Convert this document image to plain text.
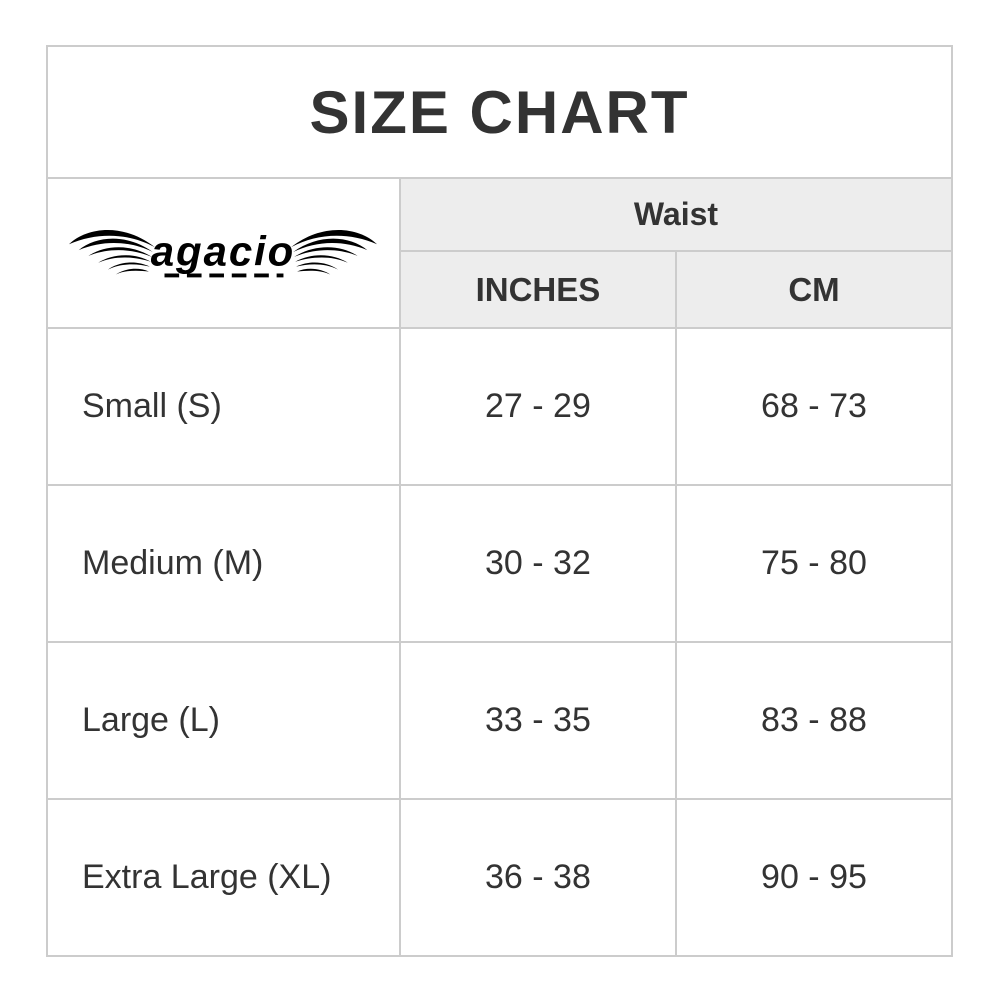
SIZE CHART		

agacio	Waist	
	INCHES	CM
Small (S)	27 - 29	68 - 73
Medium (M)	30 - 32	75 - 80
Large (L)	33 - 35	83 - 88
Extra Large (XL)	36 - 38	90 - 95
